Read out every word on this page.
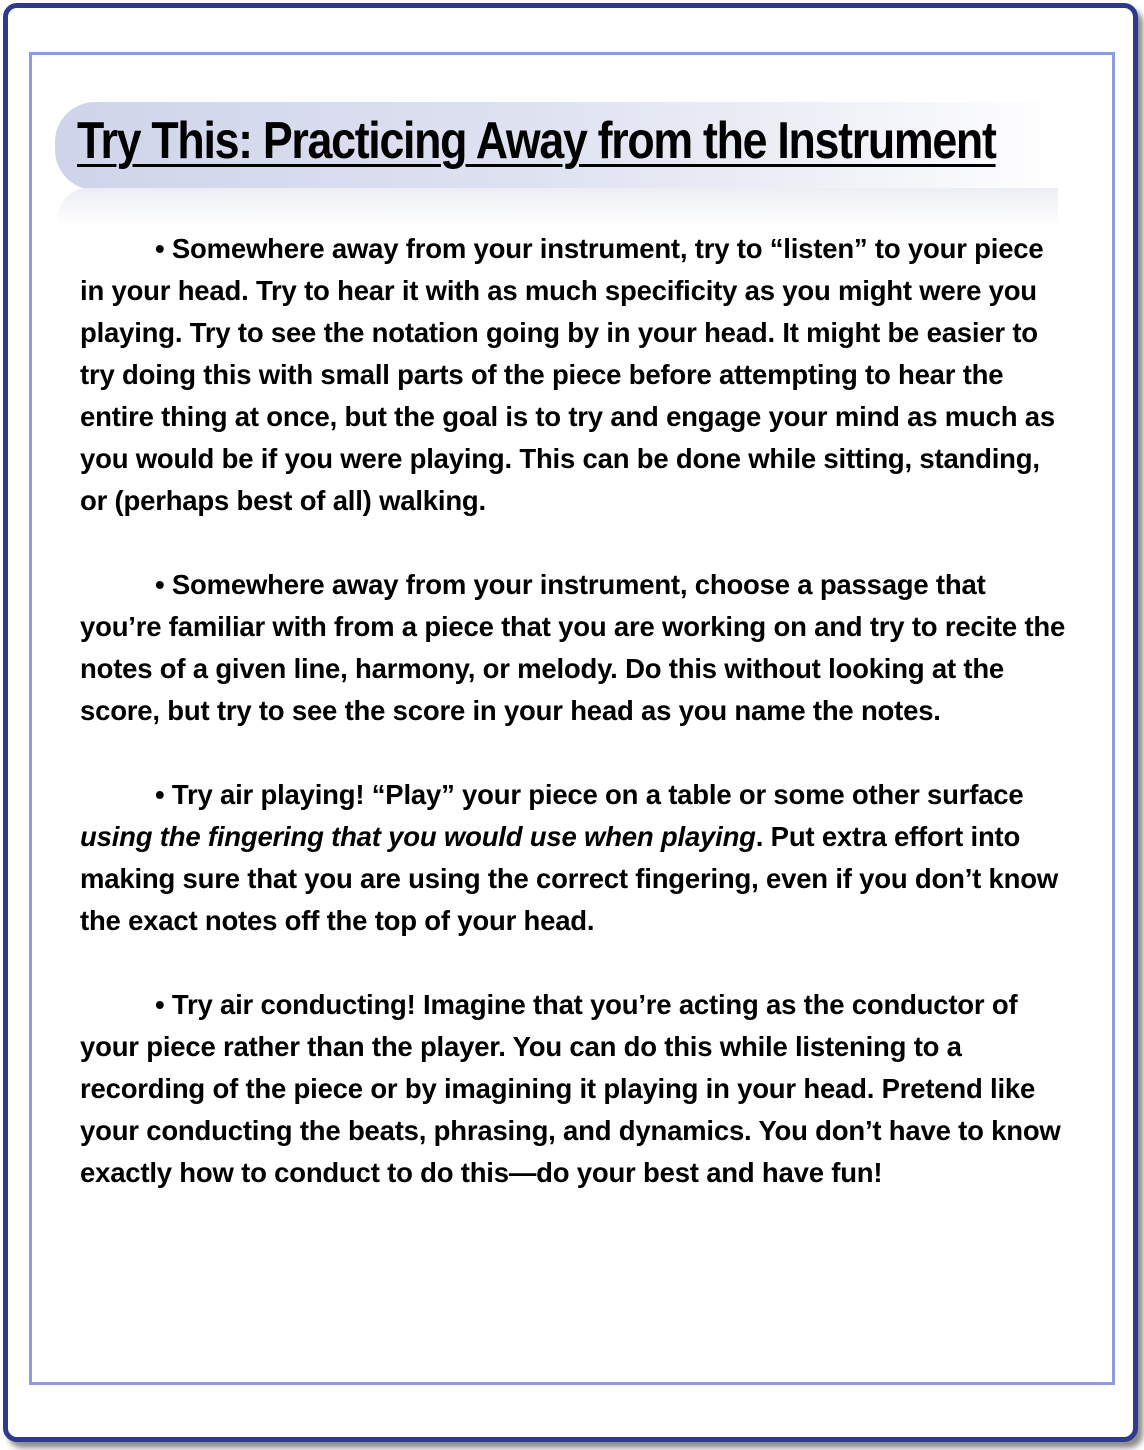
Try This: Practicing Away from the Instrument

• Somewhere away from your instrument, try to “listen” to your piece in your head. Try to hear it with as much specificity as you might were you playing. Try to see the notation going by in your head. It might be easier to try doing this with small parts of the piece before attempting to hear the entire thing at once, but the goal is to try and engage your mind as much as you would be if you were playing. This can be done while sitting, standing, or (perhaps best of all) walking.

• Somewhere away from your instrument, choose a passage that you’re familiar with from a piece that you are working on and try to recite the notes of a given line, harmony, or melody. Do this without looking at the score, but try to see the score in your head as you name the notes.

• Try air playing! “Play” your piece on a table or some other surface using the fingering that you would use when playing. Put extra effort into making sure that you are using the correct fingering, even if you don’t know the exact notes off the top of your head.

• Try air conducting! Imagine that you’re acting as the conductor of your piece rather than the player. You can do this while listening to a recording of the piece or by imagining it playing in your head. Pretend like your conducting the beats, phrasing, and dynamics. You don’t have to know exactly how to conduct to do this—do your best and have fun!
